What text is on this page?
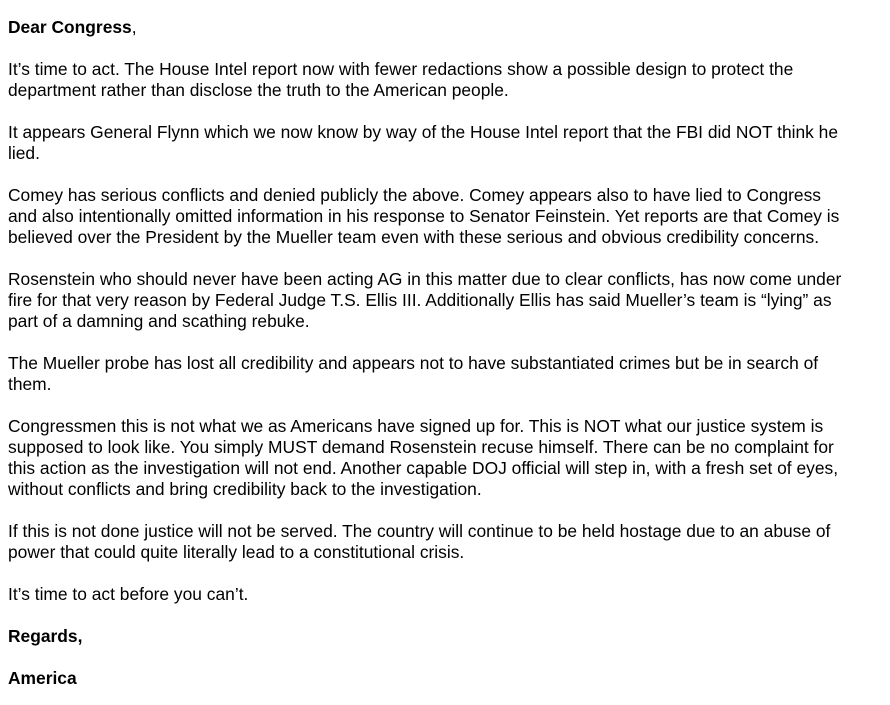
Dear Congress,

It’s time to act. The House Intel report now with fewer redactions show a possible design to protect the
department rather than disclose the truth to the American people.

It appears General Flynn which we now know by way of the House Intel report that the FBI did NOT think he
lied.

Comey has serious conflicts and denied publicly the above. Comey appears also to have lied to Congress
and also intentionally omitted information in his response to Senator Feinstein. Yet reports are that Comey is
believed over the President by the Mueller team even with these serious and obvious credibility concerns.

Rosenstein who should never have been acting AG in this matter due to clear conflicts, has now come under
fire for that very reason by Federal Judge T.S. Ellis III. Additionally Ellis has said Mueller’s team is “lying” as
part of a damning and scathing rebuke.

The Mueller probe has lost all credibility and appears not to have substantiated crimes but be in search of
them.

Congressmen this is not what we as Americans have signed up for. This is NOT what our justice system is
supposed to look like. You simply MUST demand Rosenstein recuse himself. There can be no complaint for
this action as the investigation will not end. Another capable DOJ official will step in, with a fresh set of eyes,
without conflicts and bring credibility back to the investigation.

If this is not done justice will not be served. The country will continue to be held hostage due to an abuse of
power that could quite literally lead to a constitutional crisis.

It’s time to act before you can’t.

Regards,

America
